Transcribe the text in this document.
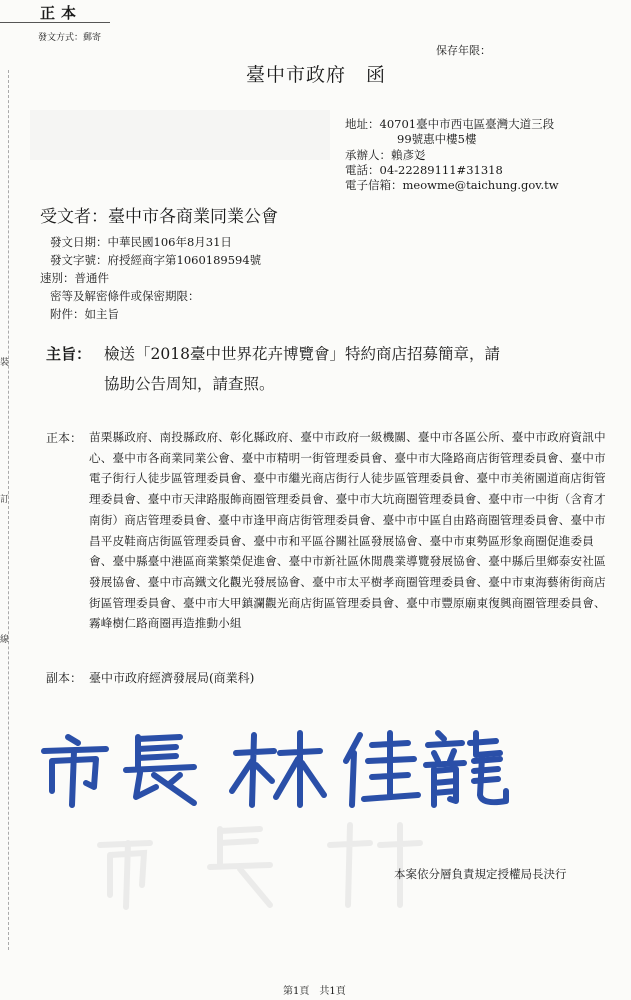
裝
訂
線
正本
發文方式：郵寄
保存年限：
臺中市政府　函
地址：40701臺中市西屯區臺灣大道三段
99號惠中樓5樓
承辦人：賴彥彣
電話：04-22289111#31318
電子信箱：meowme@taichung.gov.tw
受文者：臺中市各商業同業公會
發文日期：中華民國106年8月31日
發文字號：府授經商字第1060189594號
速別：普通件
密等及解密條件或保密期限：
附件：如主旨
主旨： 檢送「2018臺中世界花卉博覽會」特約商店招募簡章，請
協助公告周知，請查照。
正本： 苗栗縣政府、南投縣政府、彰化縣政府、臺中市政府一級機關、臺中市各區公所、臺中市政府資訊中心、臺中市各商業同業公會、臺中市精明一街管理委員會、臺中市大隆路商店街管理委員會、臺中市電子街行人徒步區管理委員會、臺中市繼光商店街行人徒步區管理委員會、臺中市美術園道商店街管理委員會、臺中市天津路服飾商圈管理委員會、臺中市大坑商圈管理委員會、臺中市一中街（含育才南街）商店管理委員會、臺中市逢甲商店街管理委員會、臺中市中區自由路商圈管理委員會、臺中市昌平皮鞋商店街區管理委員會、臺中市和平區谷關社區發展協會、臺中市東勢區形象商圈促進委員會、臺中縣臺中港區商業繁榮促進會、臺中市新社區休閒農業導覽發展協會、臺中縣后里鄉泰安社區發展協會、臺中市高鐵文化觀光發展協會、臺中市太平樹孝商圈管理委員會、臺中市東海藝術街商店街區管理委員會、臺中市大甲鎮瀾觀光商店街區管理委員會、臺中市豐原廟東復興商圈管理委員會、霧峰樹仁路商圈再造推動小組
副本： 臺中市政府經濟發展局(商業科)
本案依分層負責規定授權局長決行
第1頁　共1頁
